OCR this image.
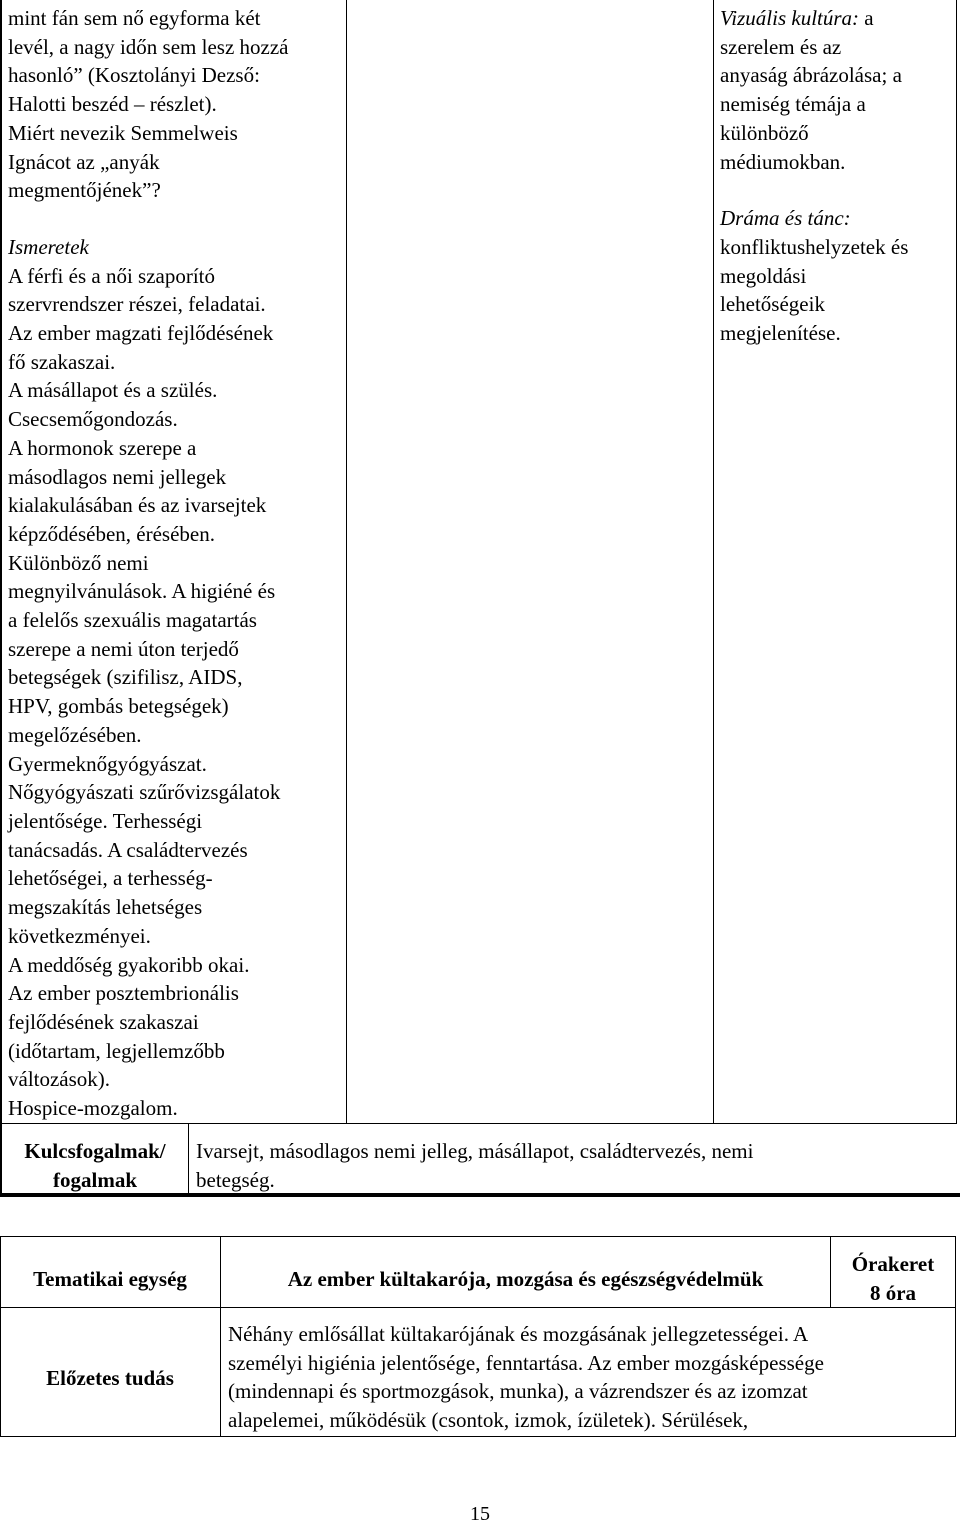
mint fán sem nő egyforma két

levél, a nagy időn sem lesz hozzá

hasonló” (Kosztolányi Dezső:

Halotti beszéd – részlet).

Miért nevezik Semmelweis

Ignácot az „anyák

megmentőjének”?

Ismeretek

A férfi és a női szaporító

szervrendszer részei, feladatai.

Az ember magzati fejlődésének

fő szakaszai.

A másállapot és a szülés.

Csecsemőgondozás.

A hormonok szerepe a

másodlagos nemi jellegek

kialakulásában és az ivarsejtek

képződésében, érésében.

Különböző nemi

megnyilvánulások. A higiéné és

a felelős szexuális magatartás

szerepe a nemi úton terjedő

betegségek (szifilisz, AIDS,

HPV, gombás betegségek)

megelőzésében.

Gyermeknőgyógyászat.

Nőgyógyászati szűrővizsgálatok

jelentősége. Terhességi

tanácsadás. A családtervezés

lehetőségei, a terhesség-

megszakítás lehetséges

következményei.

A meddőség gyakoribb okai.

Az ember posztembrionális

fejlődésének szakaszai

(időtartam, legjellemzőbb

változások).

Hospice-mozgalom.

Vizuális kultúra: a

szerelem és az

anyaság ábrázolása; a

nemiség témája a

különböző

médiumokban.

Dráma és tánc:

konfliktushelyzetek és

megoldási

lehetőségeik

megjelenítése.

Kulcsfogalmak/
fogalmak
Ivarsejt, másodlagos nemi jelleg, másállapot, családtervezés, nemi
betegség.
Tematikai egység	Az ember kültakarója, mozgása és egészségvédelmük
Órakeret
8 óra
Előzetes tudás
Néhány emlősállat kültakarójának és mozgásának jellegzetességei. A
személyi higiénia jelentősége, fenntartása. Az ember mozgásképessége
(mindennapi és sportmozgások, munka), a vázrendszer és az izomzat
alapelemei, működésük (csontok, izmok, ízületek). Sérülések,
15
